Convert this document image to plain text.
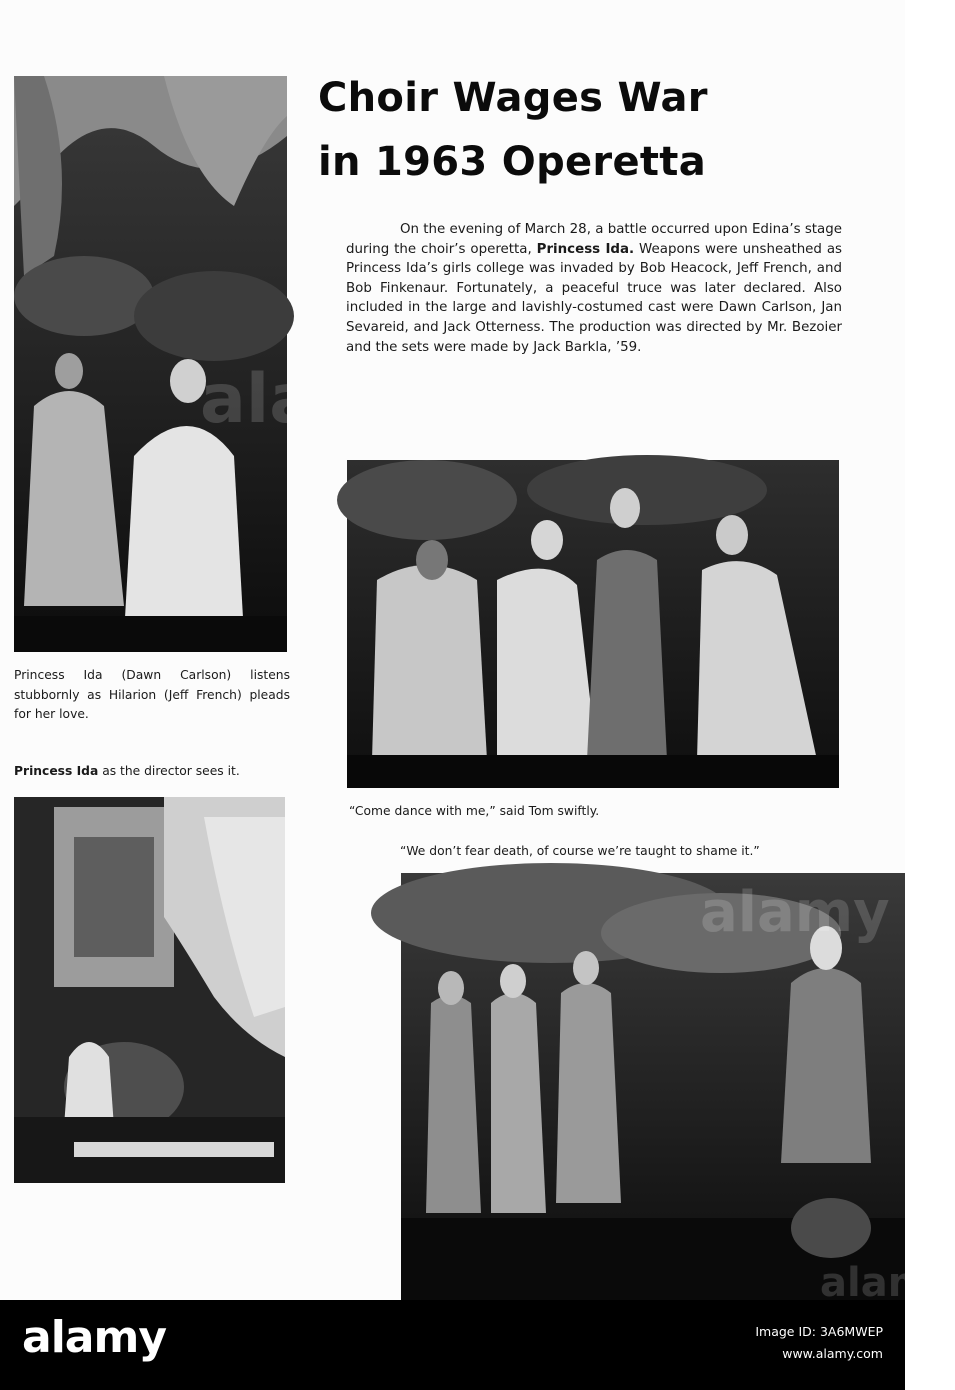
Choir Wages War
in 1963 Operetta

On the evening of March 28, a battle occurred upon Edina’s stage during the choir’s operetta, Princess Ida. Weapons were unsheathed as Princess Ida’s girls college was invaded by Bob Heacock, Jeff French, and Bob Finkenaur. Fortunately, a peaceful truce was later declared. Also included in the large and lavishly-costumed cast were Dawn Carlson, Jan Sevareid, and Jack Otterness. The production was directed by Mr. Bezoier and the sets were made by Jack Barkla, ’59.

Princess Ida (Dawn Carlson) listens stubbornly as Hilarion (Jeff French) pleads for her love.

Princess Ida as the director sees it.

“Come dance with me,” said Tom swiftly.

“We don’t fear death, of course we’re taught to shame it.”

alamy
alamy	Image ID: 3A6MWEP
www.alamy.com
